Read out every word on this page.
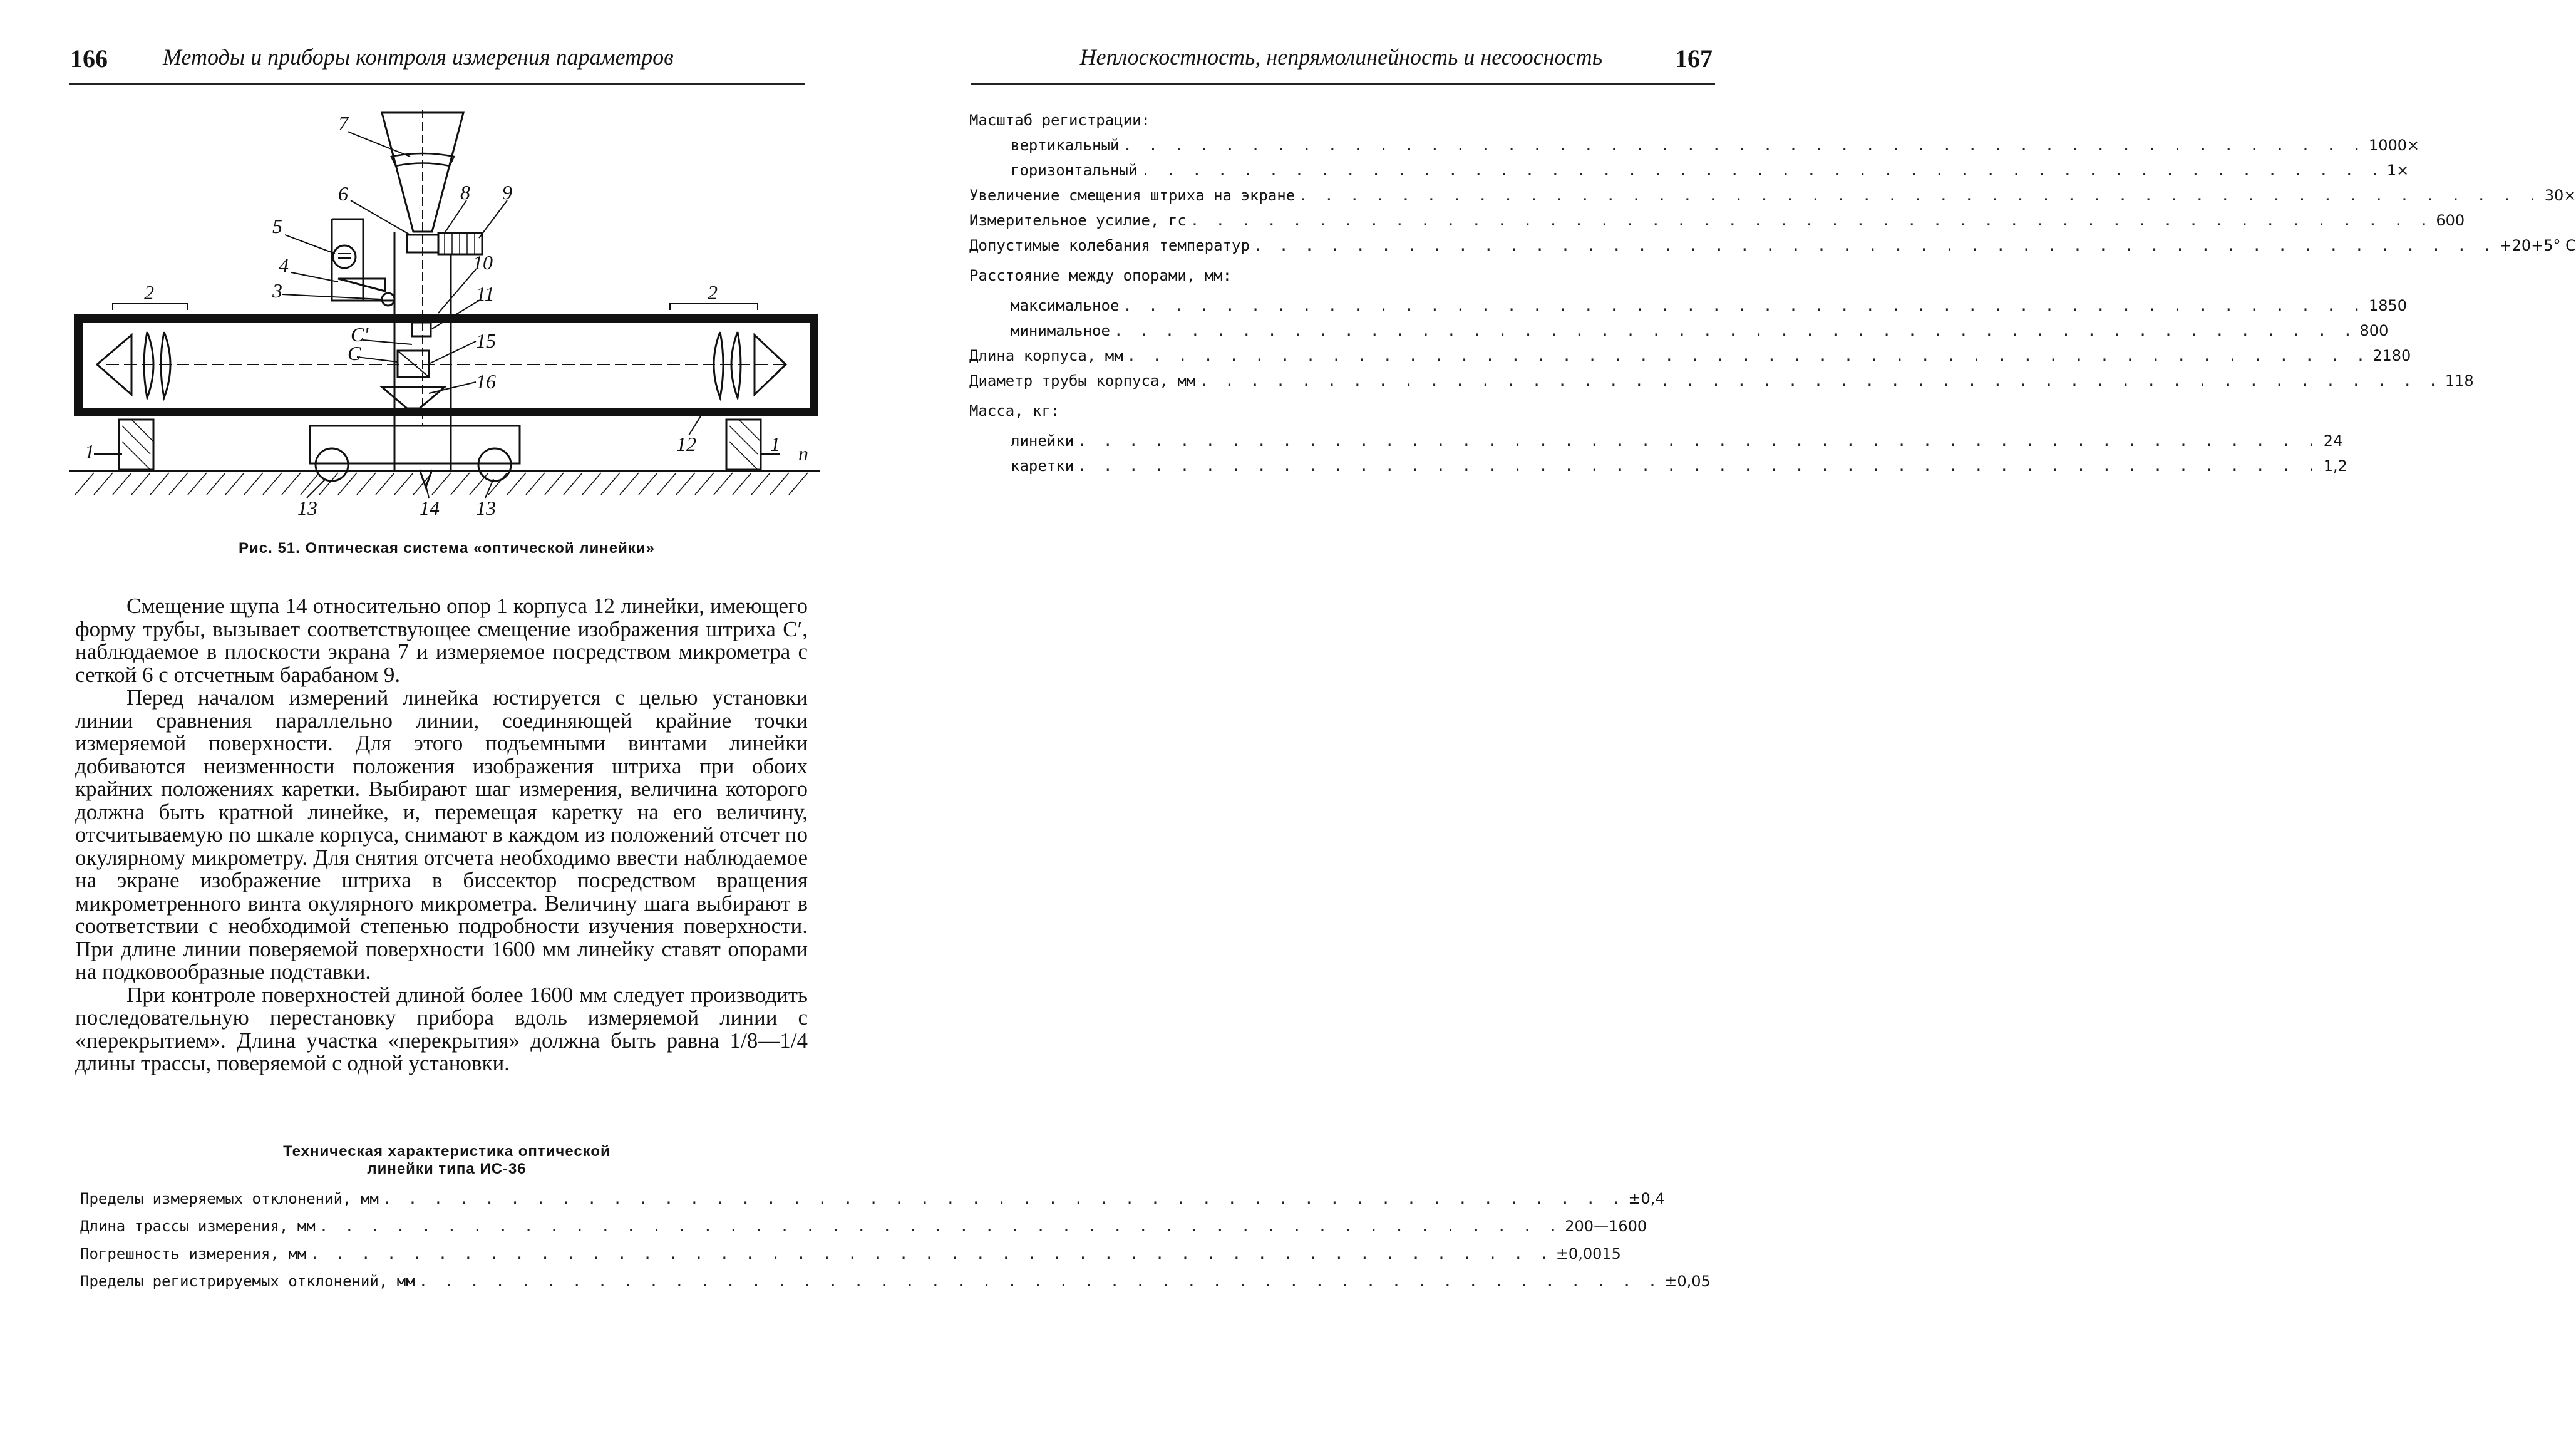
166 Методы и приборы контроля измерения параметров
7
6	8 9
5
4
3
10
11
2	2
C'
C
15
16
1	12	1 п
13	14 13
Рис. 51. Оптическая система «оптической линейки»

Смещение щупа 14 относительно опор 1 корпуса 12 линейки, имеющего форму трубы, вызывает соответствующее смещение изображения штриха C′, наблюдаемое в плоскости экрана 7 и измеряемое посредством микрометра с сеткой 6 с отсчетным барабаном 9.

Перед началом измерений линейка юстируется с целью установки линии сравнения параллельно линии, соединяющей крайние точки измеряемой поверхности. Для этого подъемными винтами линейки добиваются неизменности положения изображения штриха при обоих крайних положениях каретки. Выбирают шаг измерения, величина которого должна быть кратной линейке, и, перемещая каретку на его величину, отсчитываемую по шкале корпуса, снимают в каждом из положений отсчет по окулярному микрометру. Для снятия отсчета необходимо ввести наблюдаемое на экране изображение штриха в биссектор посредством вращения микрометренного винта окулярного микрометра. Величину шага выбирают в соответствии с необходимой степенью подробности изучения поверхности. При длине линии поверяемой поверхности 1600 мм линейку ставят опорами на подковообразные подставки.

При контроле поверхностей длиной более 1600 мм следует производить последовательную перестановку прибора вдоль измеряемой линии с «перекрытием». Длина участка «перекрытия» должна быть равна 1/8—1/4 длины трассы, поверяемой с одной установки.

Техническая характеристика оптической
линейки типа ИС-36
Пределы измеряемых отклонений, мм . . . . . . . . . . . . . . . . . . . . . . . . . . . . . . . . . . . . . . . . . . . . . . . . . ±0,4
Длина трассы измерения, мм . . . . . . . . . . . . . . . . . . . . . . . . . . . . . . . . . . . . . . . . . . . . . . . . . 200—1600
Погрешность измерения, мм . . . . . . . . . . . . . . . . . . . . . . . . . . . . . . . . . . . . . . . . . . . . . . . . . ±0,0015
Пределы регистрируемых отклонений, мм . . . . . . . . . . . . . . . . . . . . . . . . . . . . . . . . . . . . . . . . . . . . . . . . . ±0,05
Неплоскостность, непрямолинейность и несоосность	167
Масштаб регистрации:
вертикальный . . . . . . . . . . . . . . . . . . . . . . . . . . . . . . . . . . . . . . . . . . . . . . . . . 1000×
горизонтальный . . . . . . . . . . . . . . . . . . . . . . . . . . . . . . . . . . . . . . . . . . . . . . . . . 1×
Увеличение смещения штриха на экране . . . . . . . . . . . . . . . . . . . . . . . . . . . . . . . . . . . . . . . . . . . . . . . . . 30×
Измерительное усилие, гс . . . . . . . . . . . . . . . . . . . . . . . . . . . . . . . . . . . . . . . . . . . . . . . . . 600
Допустимые колебания температур . . . . . . . . . . . . . . . . . . . . . . . . . . . . . . . . . . . . . . . . . . . . . . . . . +20+5° С
Расстояние между опорами, мм:
максимальное . . . . . . . . . . . . . . . . . . . . . . . . . . . . . . . . . . . . . . . . . . . . . . . . . 1850
минимальное . . . . . . . . . . . . . . . . . . . . . . . . . . . . . . . . . . . . . . . . . . . . . . . . . 800
Длина корпуса, мм . . . . . . . . . . . . . . . . . . . . . . . . . . . . . . . . . . . . . . . . . . . . . . . . . 2180
Диаметр трубы корпуса, мм . . . . . . . . . . . . . . . . . . . . . . . . . . . . . . . . . . . . . . . . . . . . . . . . . 118
Масса, кг:
линейки . . . . . . . . . . . . . . . . . . . . . . . . . . . . . . . . . . . . . . . . . . . . . . . . . 24
каретки . . . . . . . . . . . . . . . . . . . . . . . . . . . . . . . . . . . . . . . . . . . . . . . . . 1,2
